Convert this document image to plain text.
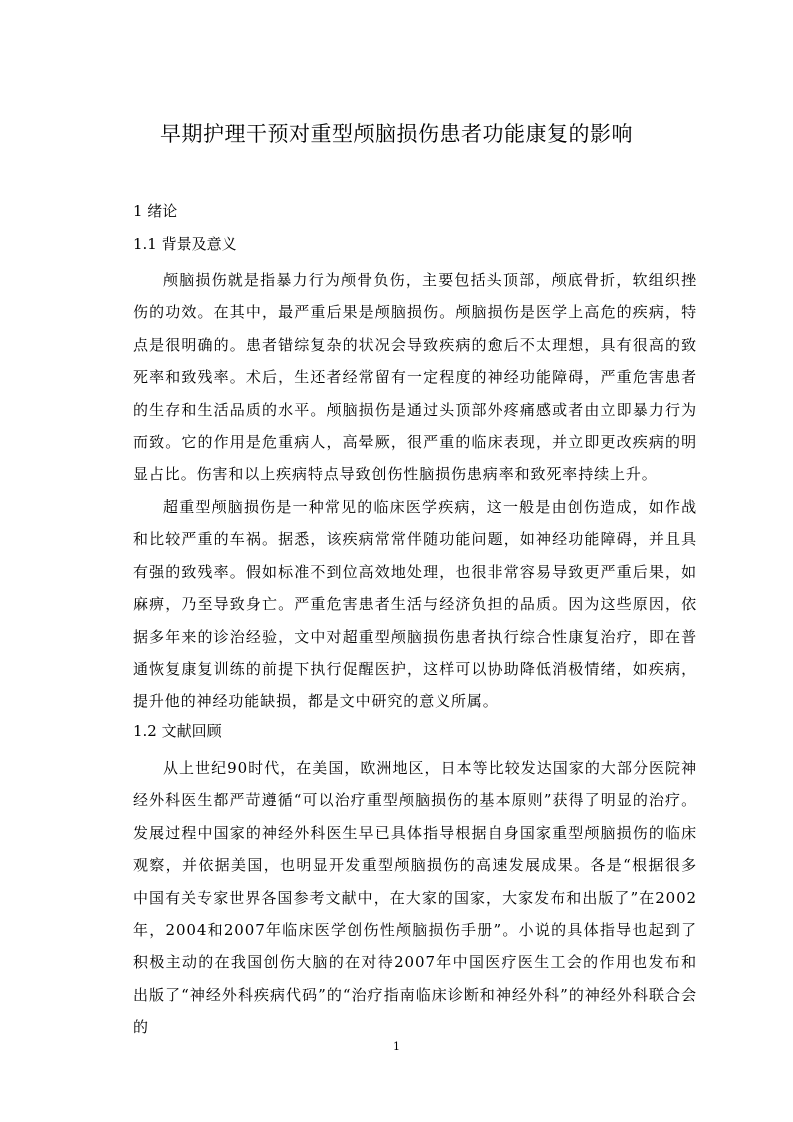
早期护理干预对重型颅脑损伤患者功能康复的影响
1 绪论
1.1 背景及意义

颅脑损伤就是指暴力行为颅骨负伤，主要包括头顶部，颅底骨折，软组织挫伤的功效。在其中，最严重后果是颅脑损伤。颅脑损伤是医学上高危的疾病，特点是很明确的。患者错综复杂的状况会导致疾病的愈后不太理想，具有很高的致死率和致残率。术后，生还者经常留有一定程度的神经功能障碍，严重危害患者的生存和生活品质的水平。颅脑损伤是通过头顶部外疼痛感或者由立即暴力行为而致。它的作用是危重病人，高晕厥，很严重的临床表现，并立即更改疾病的明显占比。伤害和以上疾病特点导致创伤性脑损伤患病率和致死率持续上升。

超重型颅脑损伤是一种常见的临床医学疾病，这一般是由创伤造成，如作战和比较严重的车祸。据悉，该疾病常常伴随功能问题，如神经功能障碍，并且具有强的致残率。假如标准不到位高效地处理，也很非常容易导致更严重后果，如麻痹，乃至导致身亡。严重危害患者生活与经济负担的品质。因为这些原因，依据多年来的诊治经验，文中对超重型颅脑损伤患者执行综合性康复治疗，即在普通恢复康复训练的前提下执行促醒医护，这样可以协助降低消极情绪，如疾病，提升他的神经功能缺损，都是文中研究的意义所属。

1.2 文献回顾

从上世纪90时代，在美国，欧洲地区，日本等比较发达国家的大部分医院神经外科医生都严苛遵循“可以治疗重型颅脑损伤的基本原则”获得了明显的治疗。发展过程中国家的神经外科医生早已具体指导根据自身国家重型颅脑损伤的临床观察，并依据美国，也明显开发重型颅脑损伤的高速发展成果。各是“根据很多中国有关专家世界各国参考文献中，在大家的国家，大家发布和出版了”在2002年，2004和2007年临床医学创伤性颅脑损伤手册”。小说的具体指导也起到了积极主动的在我国创伤大脑的在对待2007年中国医疗医生工会的作用也发布和出版了“神经外科疾病代码”的“治疗指南临床诊断和神经外科”的神经外科联合会的

1
